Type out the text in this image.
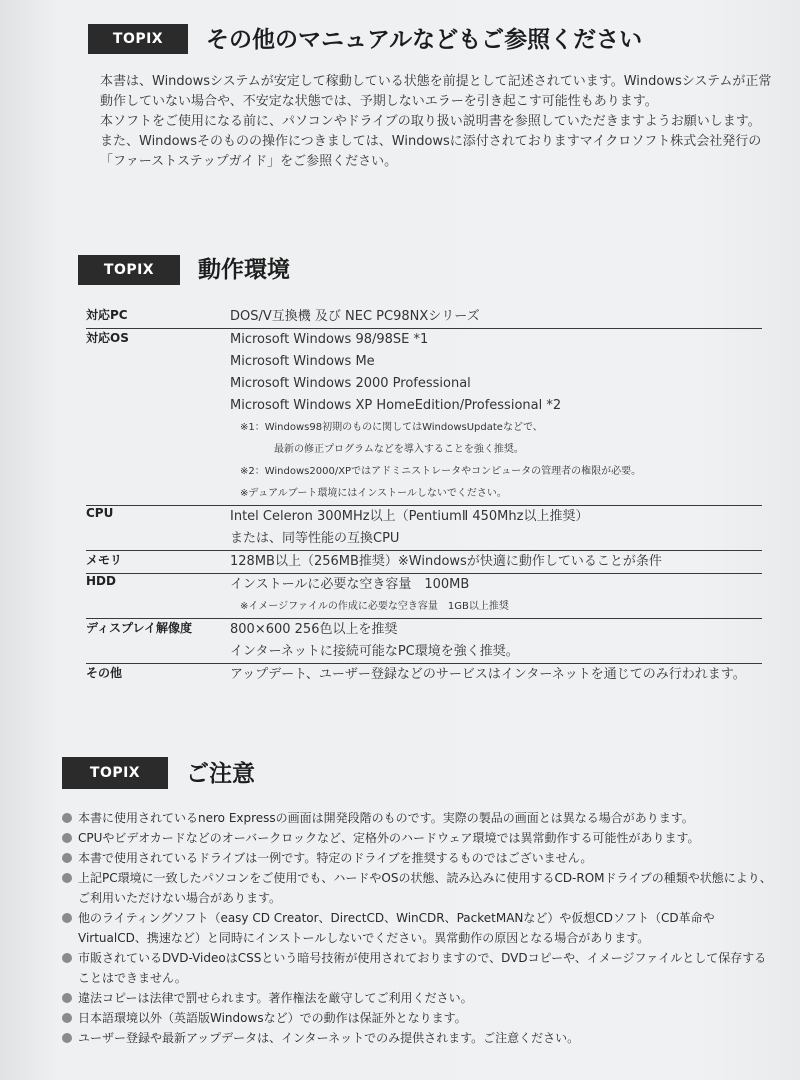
TOPIX	その他のマニュアルなどもご参照ください

本書は、Windowsシステムが安定して稼動している状態を前提として記述されています。Windowsシステムが正常動作していない場合や、不安定な状態では、予期しないエラーを引き起こす可能性もあります。

本ソフトをご使用になる前に、パソコンやドライブの取り扱い説明書を参照していただきますようお願いします。また、Windowsそのものの操作につきましては、Windowsに添付されておりますマイクロソフト株式会社発行の「ファーストステップガイド」をご参照ください。

TOPIX	動作環境
対応PC	DOS/V互換機 及び NEC PC98NXシリーズ
対応OS	Microsoft Windows 98/98SE *1
Microsoft Windows Me
Microsoft Windows 2000 Professional
Microsoft Windows XP HomeEdition/Professional *2
※1：Windows98初期のものに関してはWindowsUpdateなどで、
最新の修正プログラムなどを導入することを強く推奨。
※2：Windows2000/XPではアドミニストレータやコンピュータの管理者の権限が必要。
※デュアルブート環境にはインストールしないでください。
CPU	Intel Celeron 300MHz以上（PentiumⅡ 450Mhz以上推奨）
または、同等性能の互換CPU
メモリ	128MB以上（256MB推奨）※Windowsが快適に動作していることが条件
HDD	インストールに必要な空き容量　100MB
※イメージファイルの作成に必要な空き容量　1GB以上推奨
ディスプレイ解像度	800×600 256色以上を推奨
インターネットに接続可能なPC環境を強く推奨。
その他	アップデート、ユーザー登録などのサービスはインターネットを通じてのみ行われます。
TOPIX	ご注意
本書に使用されているnero Expressの画面は開発段階のものです。実際の製品の画面とは異なる場合があります。
CPUやビデオカードなどのオーバークロックなど、定格外のハードウェア環境では異常動作する可能性があります。
本書で使用されているドライブは一例です。特定のドライブを推奨するものではございません。
上記PC環境に一致したパソコンをご使用でも、ハードやOSの状態、読み込みに使用するCD-ROMドライブの種類や状態により、ご利用いただけない場合があります。
他のライティングソフト（easy CD Creator、DirectCD、WinCDR、PacketMANなど）や仮想CDソフト（CD革命やVirtualCD、携速など）と同時にインストールしないでください。異常動作の原因となる場合があります。
市販されているDVD-VideoはCSSという暗号技術が使用されておりますので、DVDコピーや、イメージファイルとして保存することはできません。
違法コピーは法律で罰せられます。著作権法を厳守してご利用ください。
日本語環境以外（英語版Windowsなど）での動作は保証外となります。
ユーザー登録や最新アップデータは、インターネットでのみ提供されます。ご注意ください。
